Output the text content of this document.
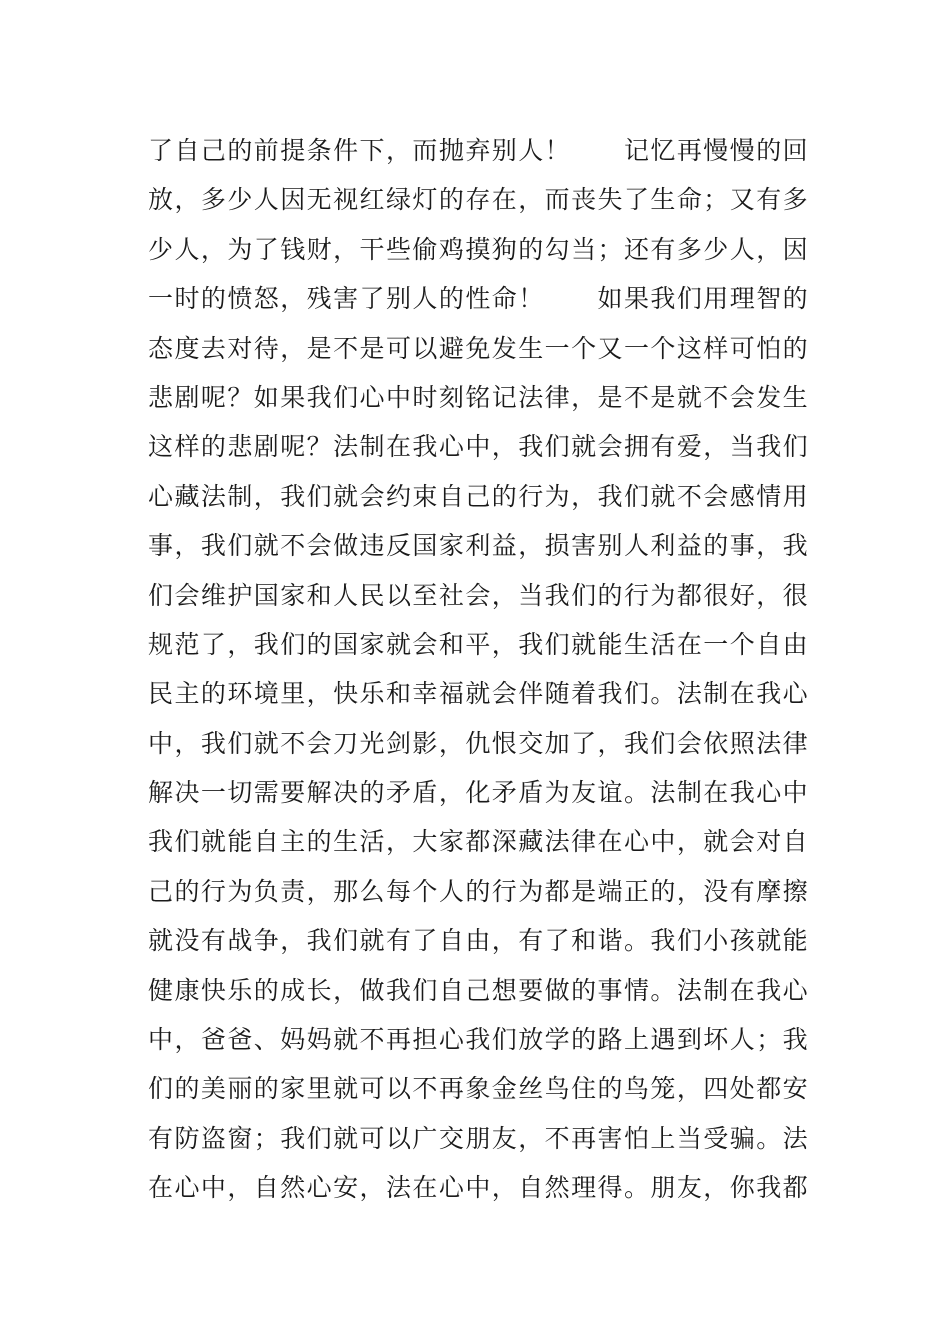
了自己的前提条件下，而抛弃别人！　　记忆再慢慢的回
放，多少人因无视红绿灯的存在，而丧失了生命；又有多
少人，为了钱财，干些偷鸡摸狗的勾当；还有多少人，因
一时的愤怒，残害了别人的性命！　　如果我们用理智的
态度去对待，是不是可以避免发生一个又一个这样可怕的
悲剧呢？如果我们心中时刻铭记法律，是不是就不会发生
这样的悲剧呢？法制在我心中，我们就会拥有爱，当我们
心藏法制，我们就会约束自己的行为，我们就不会感情用
事，我们就不会做违反国家利益，损害别人利益的事，我
们会维护国家和人民以至社会，当我们的行为都很好，很
规范了，我们的国家就会和平，我们就能生活在一个自由
民主的环境里，快乐和幸福就会伴随着我们。法制在我心
中，我们就不会刀光剑影，仇恨交加了，我们会依照法律
解决一切需要解决的矛盾，化矛盾为友谊。法制在我心中
我们就能自主的生活，大家都深藏法律在心中，就会对自
己的行为负责，那么每个人的行为都是端正的，没有摩擦
就没有战争，我们就有了自由，有了和谐。我们小孩就能
健康快乐的成长，做我们自己想要做的事情。法制在我心
中，爸爸、妈妈就不再担心我们放学的路上遇到坏人；我
们的美丽的家里就可以不再象金丝鸟住的鸟笼，四处都安
有防盗窗；我们就可以广交朋友，不再害怕上当受骗。法
在心中，自然心安，法在心中，自然理得。朋友，你我都
